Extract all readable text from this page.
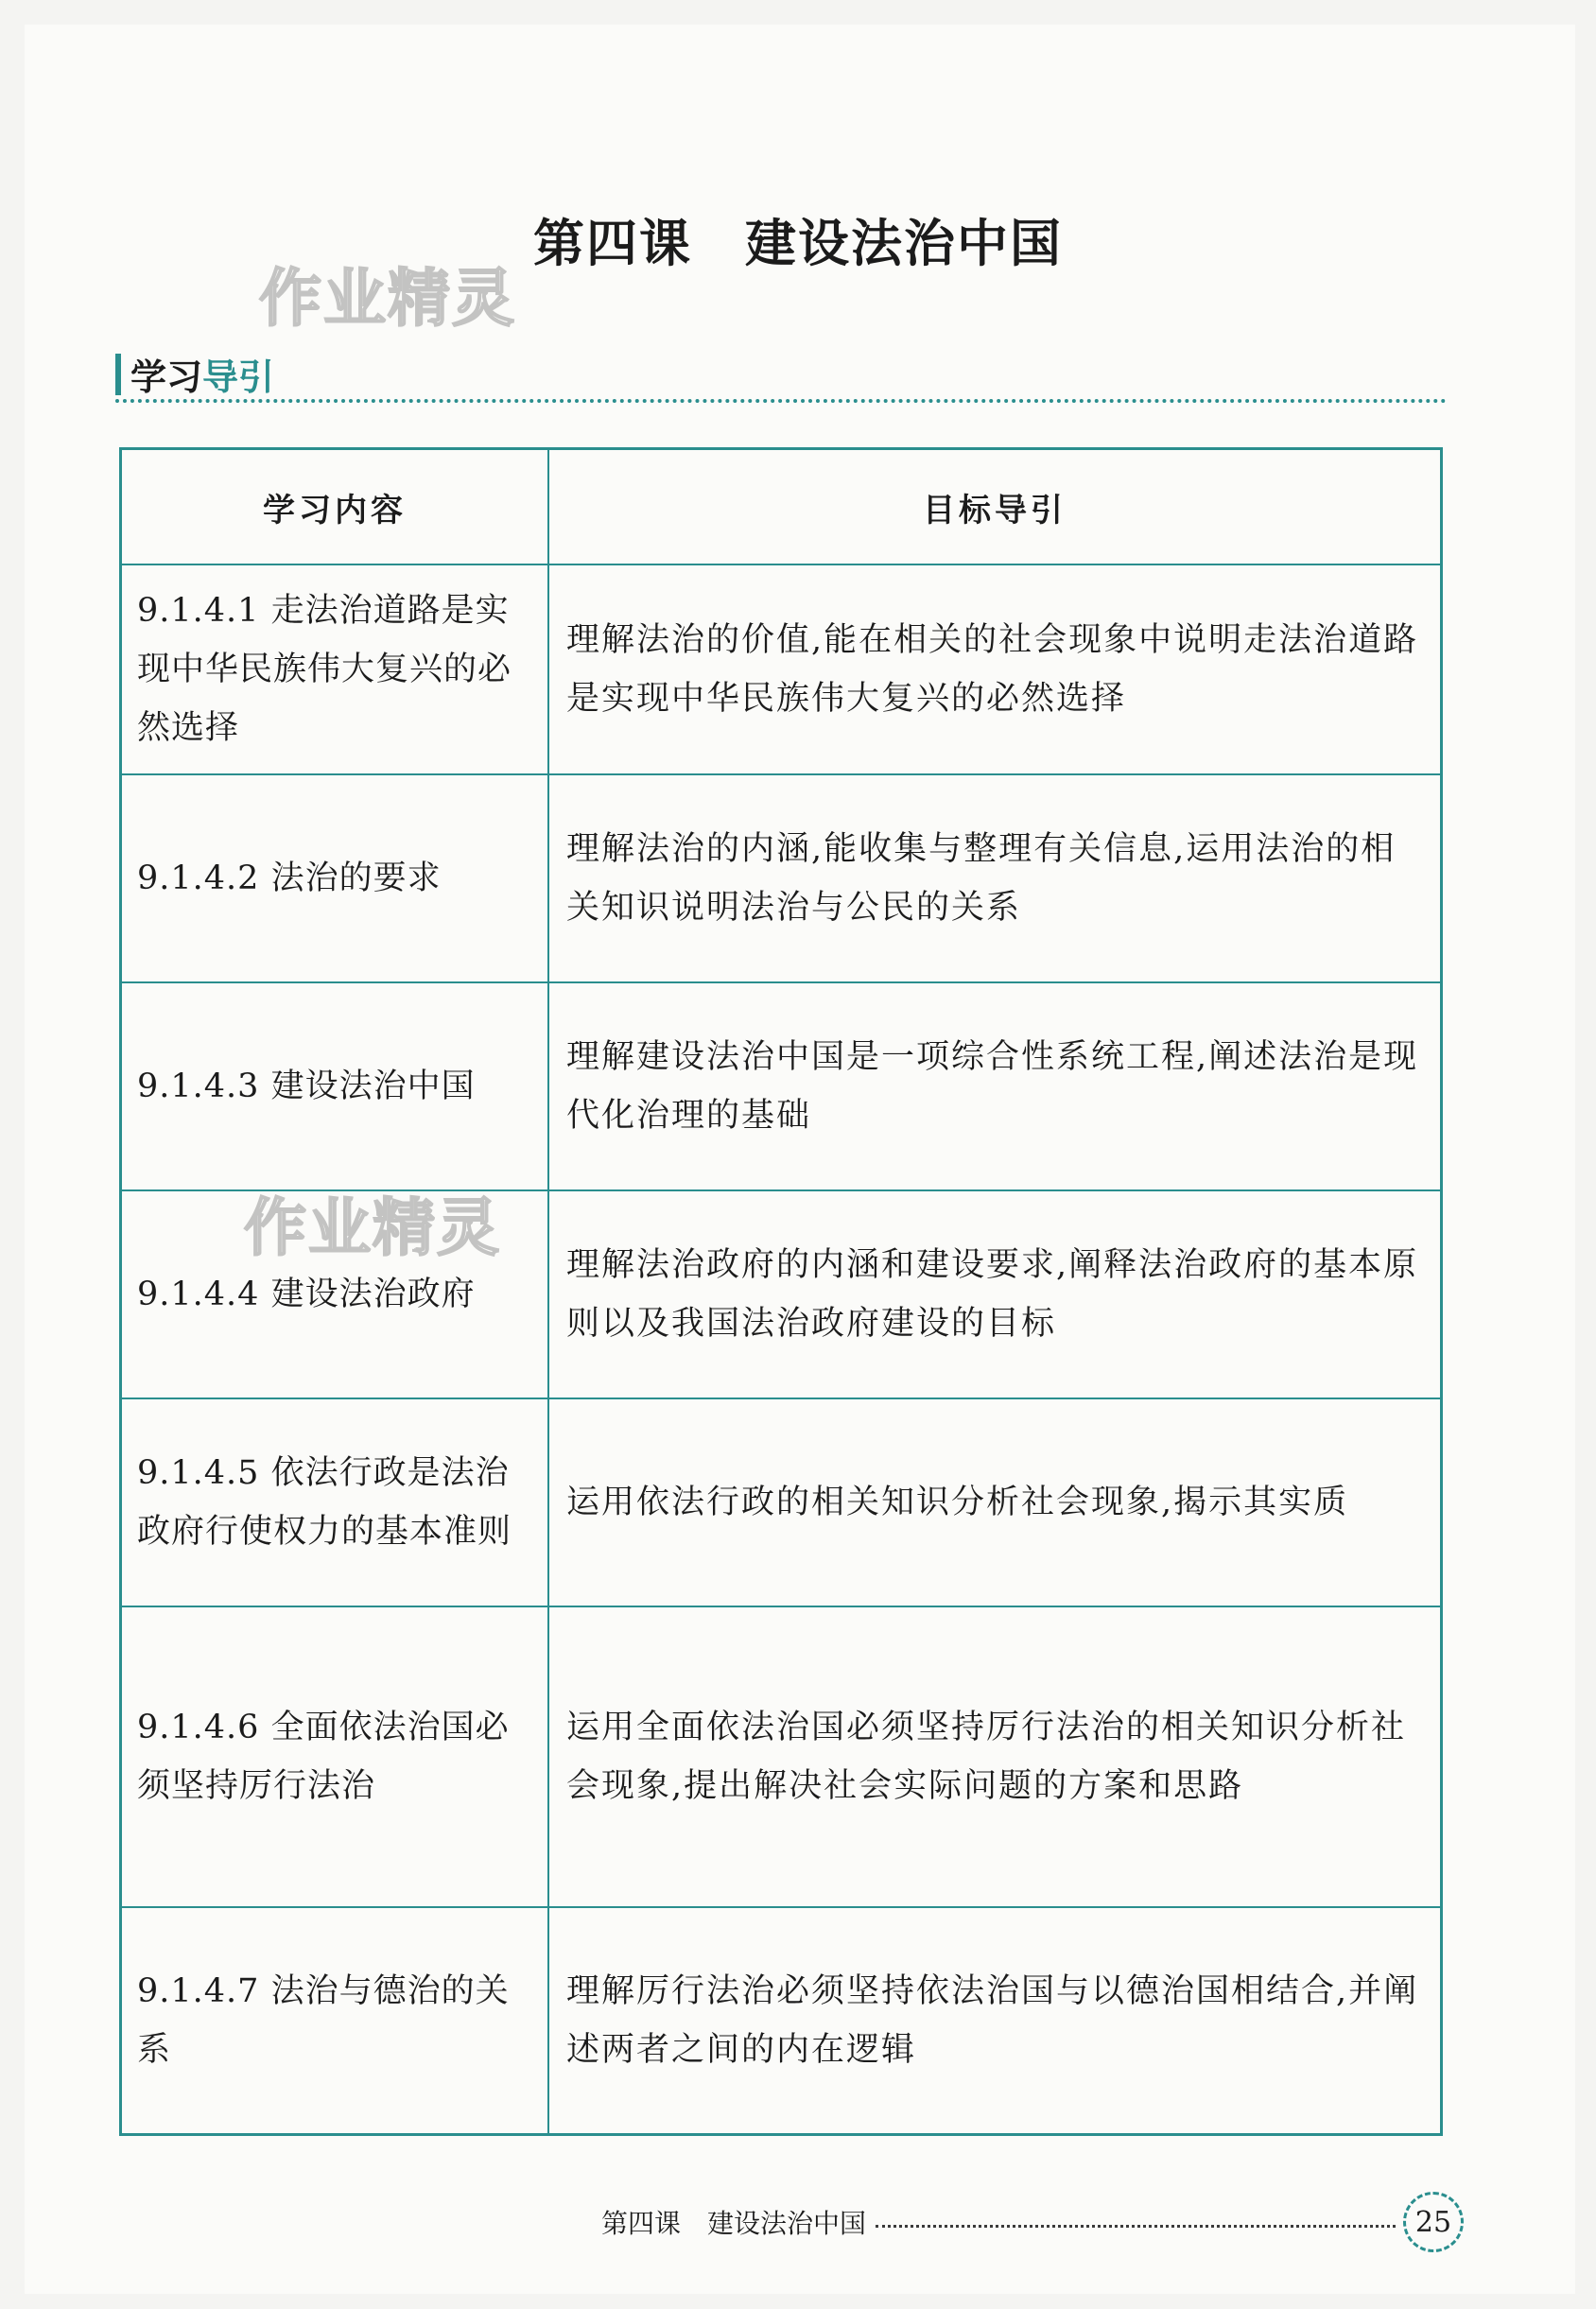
作业精灵
作业精灵
第四课　建设法治中国
学习 导引
学习内容	目标导引
9.1.4.1 走法治道路是实现中华民族伟大复兴的必然选择	理解法治的价值,能在相关的社会现象中说明走法治道路是实现中华民族伟大复兴的必然选择
9.1.4.2 法治的要求	理解法治的内涵,能收集与整理有关信息,运用法治的相关知识说明法治与公民的关系
9.1.4.3 建设法治中国	理解建设法治中国是一项综合性系统工程,阐述法治是现代化治理的基础
9.1.4.4 建设法治政府	理解法治政府的内涵和建设要求,阐释法治政府的基本原则以及我国法治政府建设的目标
9.1.4.5 依法行政是法治政府行使权力的基本准则	运用依法行政的相关知识分析社会现象,揭示其实质
9.1.4.6 全面依法治国必须坚持厉行法治	运用全面依法治国必须坚持厉行法治的相关知识分析社会现象,提出解决社会实际问题的方案和思路
9.1.4.7 法治与德治的关系	理解厉行法治必须坚持依法治国与以德治国相结合,并阐述两者之间的内在逻辑
第四课　建设法治中国	25
